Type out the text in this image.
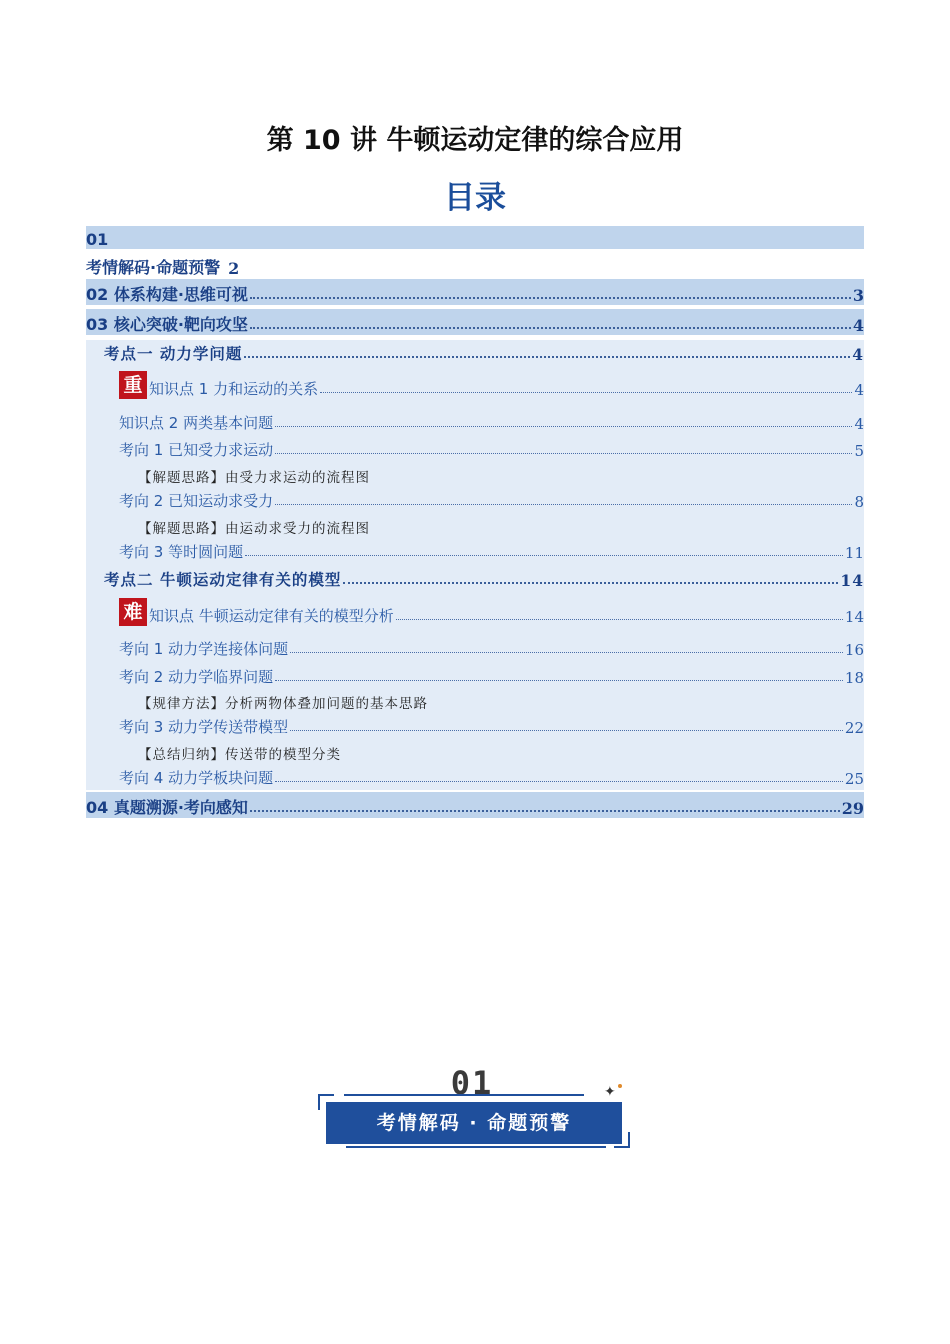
第 10 讲 牛顿运动定律的综合应用
目录
01
考情解码·命题预警 2
02 体系构建·思维可视	3
03 核心突破·靶向攻坚	4
考点一 动力学问题	4
重 知识点 1 力和运动的关系	4
知识点 2 两类基本问题	4
考向 1 已知受力求运动	5
【解题思路】由受力求运动的流程图
考向 2 已知运动求受力	8
【解题思路】由运动求受力的流程图
考向 3 等时圆问题	11
考点二 牛顿运动定律有关的模型	14
难 知识点 牛顿运动定律有关的模型分析	14
考向 1 动力学连接体问题	16
考向 2 动力学临界问题	18
【规律方法】分析两物体叠加问题的基本思路
考向 3 动力学传送带模型	22
【总结归纳】传送带的模型分类
考向 4 动力学板块问题	25
04 真题溯源·考向感知	29
01	✦
考情解码 · 命题预警
